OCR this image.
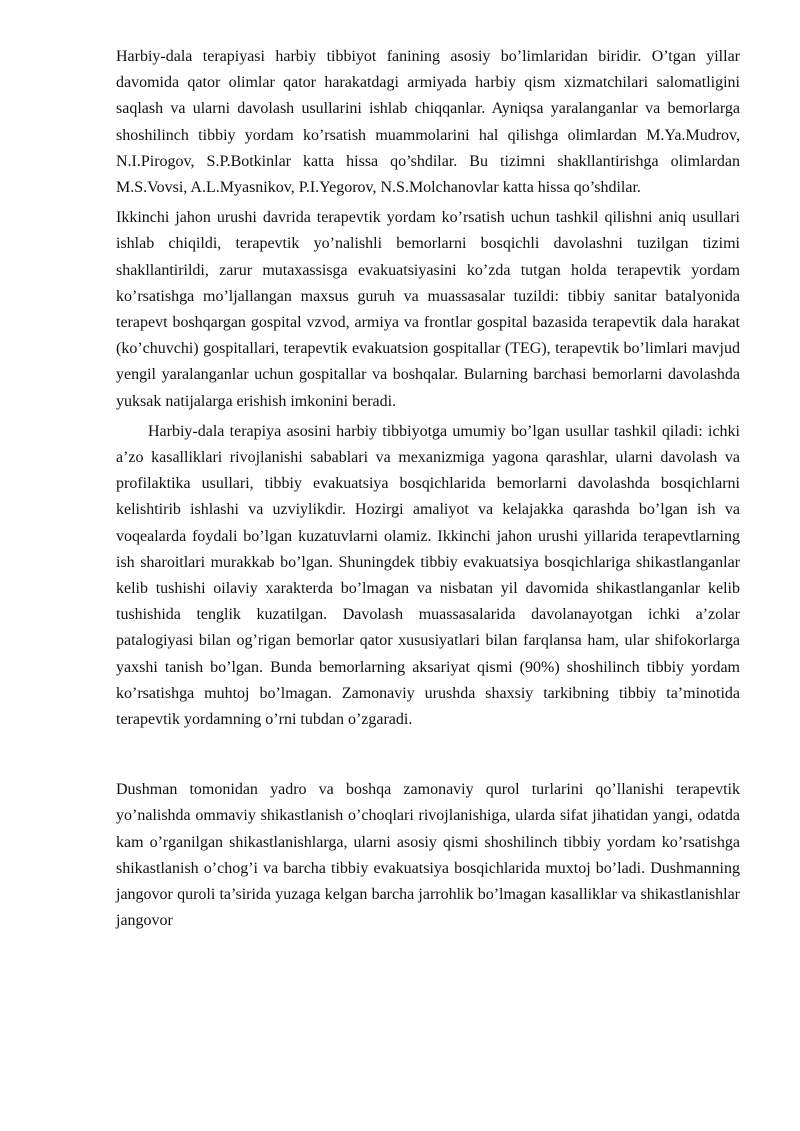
Harbiy-dala terapiyasi harbiy tibbiyot fanining asosiy bo’limlaridan biridir. O’tgan yillar davomida qator olimlar qator harakatdagi armiyada harbiy qism xizmatchilari salomatligini saqlash va ularni davolash usullarini ishlab chiqqanlar. Ayniqsa yaralanganlar va bemorlarga shoshilinch tibbiy yordam ko’rsatish muammolarini hal qilishga olimlardan M.Ya.Mudrov, N.I.Pirogov, S.P.Botkinlar katta hissa qo’shdilar. Bu tizimni shakllantirishga olimlardan M.S.Vovsi, A.L.Myasnikov, P.I.Yegorov, N.S.Molchanovlar katta hissa qo’shdilar.

Ikkinchi jahon urushi davrida terapevtik yordam ko’rsatish uchun tashkil qilishni aniq usullari ishlab chiqildi, terapevtik yo’nalishli bemorlarni bosqichli davolashni tuzilgan tizimi shakllantirildi, zarur mutaxassisga evakuatsiyasini ko’zda tutgan holda terapevtik yordam ko’rsatishga mo’ljallangan maxsus guruh va muassasalar tuzildi: tibbiy sanitar batalyonida terapevt boshqargan gospital vzvod, armiya va frontlar gospital bazasida terapevtik dala harakat (ko’chuvchi) gospitallari, terapevtik evakuatsion gospitallar (TEG), terapevtik bo’limlari mavjud yengil yaralanganlar uchun gospitallar va boshqalar. Bularning barchasi bemorlarni davolashda yuksak natijalarga erishish imkonini beradi.

Harbiy-dala terapiya asosini harbiy tibbiyotga umumiy bo’lgan usullar tashkil qiladi: ichki a’zo kasalliklari rivojlanishi sabablari va mexanizmiga yagona qarashlar, ularni davolash va profilaktika usullari, tibbiy evakuatsiya bosqichlarida bemorlarni davolashda bosqichlarni kelishtirib ishlashi va uzviylikdir. Hozirgi amaliyot va kelajakka qarashda bo’lgan ish va voqealarda foydali bo’lgan kuzatuvlarni olamiz. Ikkinchi jahon urushi yillarida terapevtlarning ish sharoitlari murakkab bo’lgan. Shuningdek tibbiy evakuatsiya bosqichlariga shikastlanganlar kelib tushishi oilaviy xarakterda bo’lmagan va nisbatan yil davomida shikastlanganlar kelib tushishida tenglik kuzatilgan. Davolash muassasalarida davolanayotgan ichki a’zolar patalogiyasi bilan og’rigan bemorlar qator xususiyatlari bilan farqlansa ham, ular shifokorlarga yaxshi tanish bo’lgan. Bunda bemorlarning aksariyat qismi (90%) shoshilinch tibbiy yordam ko’rsatishga muhtoj bo’lmagan. Zamonaviy urushda shaxsiy tarkibning tibbiy ta’minotida terapevtik yordamning o’rni tubdan o’zgaradi.

Dushman tomonidan yadro va boshqa zamonaviy qurol turlarini qo’llanishi terapevtik yo’nalishda ommaviy shikastlanish o’choqlari rivojlanishiga, ularda sifat jihatidan yangi, odatda kam o’rganilgan shikastlanishlarga, ularni asosiy qismi shoshilinch tibbiy yordam ko’rsatishga shikastlanish o’chog’i va barcha tibbiy evakuatsiya bosqichlarida muxtoj bo’ladi. Dushmanning jangovor quroli ta’sirida yuzaga kelgan barcha jarrohlik bo’lmagan kasalliklar va shikastlanishlar jangovor
